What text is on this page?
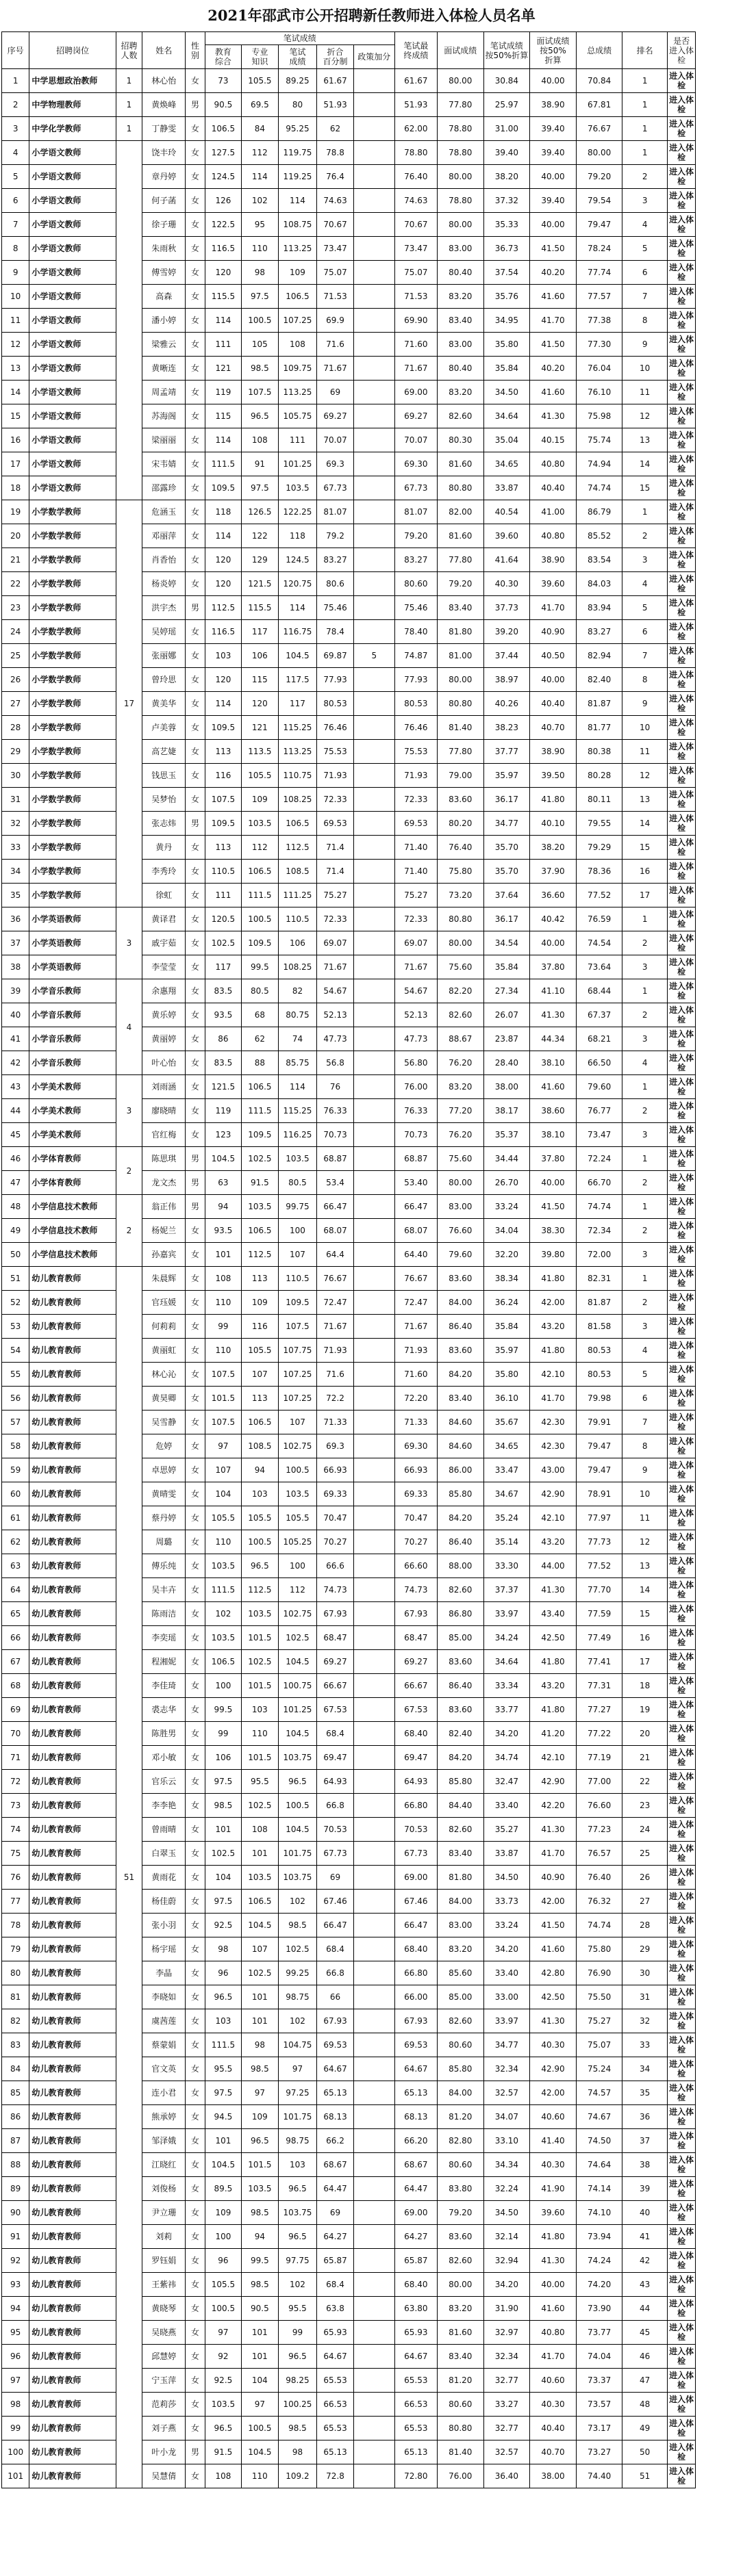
2021年邵武市公开招聘新任教师进入体检人员名单
序号	招聘岗位	招聘
人数	姓名	性
别	笔试成绩					笔试最
终成绩	面试成绩	笔试成绩
按50%折算	面试成绩
按50%
折算	总成绩	排名	是否
进入体检
					教育
综合	专业
知识	笔试
成绩	折合
百分制	政策加分							
1	中学思想政治教师	1	林心怡	女	73	105.5	89.25	61.67		61.67	80.00	30.84	40.00	70.84	1	进入体检
2	中学物理教师	1	黄焕峰	男	90.5	69.5	80	51.93		51.93	77.80	25.97	38.90	67.81	1	进入体检
3	中学化学教师	1	丁静雯	女	106.5	84	95.25	62		62.00	78.80	31.00	39.40	76.67	1	进入体检
4	小学语文教师		饶丰玲	女	127.5	112	119.75	78.8		78.80	78.80	39.40	39.40	80.00	1	进入体检
5	小学语文教师		章丹婷	女	124.5	114	119.25	76.4		76.40	80.00	38.20	40.00	79.20	2	进入体检
6	小学语文教师		何子菡	女	126	102	114	74.63		74.63	78.80	37.32	39.40	79.54	3	进入体检
7	小学语文教师		徐子珊	女	122.5	95	108.75	70.67		70.67	80.00	35.33	40.00	79.47	4	进入体检
8	小学语文教师		朱雨秋	女	116.5	110	113.25	73.47		73.47	83.00	36.73	41.50	78.24	5	进入体检
9	小学语文教师		傅雪婷	女	120	98	109	75.07		75.07	80.40	37.54	40.20	77.74	6	进入体检
10	小学语文教师		高森	女	115.5	97.5	106.5	71.53		71.53	83.20	35.76	41.60	77.57	7	进入体检
11	小学语文教师		潘小婷	女	114	100.5	107.25	69.9		69.90	83.40	34.95	41.70	77.38	8	进入体检
12	小学语文教师		梁雅云	女	111	105	108	71.6		71.60	83.00	35.80	41.50	77.30	9	进入体检
13	小学语文教师		黄晰连	女	121	98.5	109.75	71.67		71.67	80.40	35.84	40.20	76.04	10	进入体检
14	小学语文教师		周孟靖	女	119	107.5	113.25	69		69.00	83.20	34.50	41.60	76.10	11	进入体检
15	小学语文教师		苏海阁	女	115	96.5	105.75	69.27		69.27	82.60	34.64	41.30	75.98	12	进入体检
16	小学语文教师		梁丽丽	女	114	108	111	70.07		70.07	80.30	35.04	40.15	75.74	13	进入体检
17	小学语文教师		宋韦婧	女	111.5	91	101.25	69.3		69.30	81.60	34.65	40.80	74.94	14	进入体检
18	小学语文教师		邵露珍	女	109.5	97.5	103.5	67.73		67.73	80.80	33.87	40.40	74.74	15	进入体检
19	小学数学教师	17	危涵玉	女	118	126.5	122.25	81.07		81.07	82.00	40.54	41.00	86.79	1	进入体检
20	小学数学教师		邓丽萍	女	114	122	118	79.2		79.20	81.60	39.60	40.80	85.52	2	进入体检
21	小学数学教师		肖香怡	女	120	129	124.5	83.27		83.27	77.80	41.64	38.90	83.54	3	进入体检
22	小学数学教师		杨炎婷	女	120	121.5	120.75	80.6		80.60	79.20	40.30	39.60	84.03	4	进入体检
23	小学数学教师		洪宇杰	男	112.5	115.5	114	75.46		75.46	83.40	37.73	41.70	83.94	5	进入体检
24	小学数学教师		吴婷瑶	女	116.5	117	116.75	78.4		78.40	81.80	39.20	40.90	83.27	6	进入体检
25	小学数学教师		张丽娜	女	103	106	104.5	69.87	5	74.87	81.00	37.44	40.50	82.94	7	进入体检
26	小学数学教师		曾玲思	女	120	115	117.5	77.93		77.93	80.00	38.97	40.00	82.40	8	进入体检
27	小学数学教师		黄美华	女	114	120	117	80.53		80.53	80.80	40.26	40.40	81.87	9	进入体检
28	小学数学教师		卢美蓉	女	109.5	121	115.25	76.46		76.46	81.40	38.23	40.70	81.77	10	进入体检
29	小学数学教师		高艺婕	女	113	113.5	113.25	75.53		75.53	77.80	37.77	38.90	80.38	11	进入体检
30	小学数学教师		钱思玉	女	116	105.5	110.75	71.93		71.93	79.00	35.97	39.50	80.28	12	进入体检
31	小学数学教师		吴梦怡	女	107.5	109	108.25	72.33		72.33	83.60	36.17	41.80	80.11	13	进入体检
32	小学数学教师		张志炜	男	109.5	103.5	106.5	69.53		69.53	80.20	34.77	40.10	79.55	14	进入体检
33	小学数学教师		黄丹	女	113	112	112.5	71.4		71.40	76.40	35.70	38.20	79.29	15	进入体检
34	小学数学教师		李秀玲	女	110.5	106.5	108.5	71.4		71.40	75.80	35.70	37.90	78.36	16	进入体检
35	小学数学教师		徐虹	女	111	111.5	111.25	75.27		75.27	73.20	37.64	36.60	77.52	17	进入体检
36	小学英语教师	3	黄译君	女	120.5	100.5	110.5	72.33		72.33	80.80	36.17	40.42	76.59	1	进入体检
37	小学英语教师		戚宇茹	女	102.5	109.5	106	69.07		69.07	80.00	34.54	40.00	74.54	2	进入体检
38	小学英语教师		李莹莹	女	117	99.5	108.25	71.67		71.67	75.60	35.84	37.80	73.64	3	进入体检
39	小学音乐教师	4	余惠翔	女	83.5	80.5	82	54.67		54.67	82.20	27.34	41.10	68.44	1	进入体检
40	小学音乐教师		黄乐婷	女	93.5	68	80.75	52.13		52.13	82.60	26.07	41.30	67.37	2	进入体检
41	小学音乐教师		黄丽婷	女	86	62	74	47.73		47.73	88.67	23.87	44.34	68.21	3	进入体检
42	小学音乐教师		叶心怡	女	83.5	88	85.75	56.8		56.80	76.20	28.40	38.10	66.50	4	进入体检
43	小学美术教师	3	刘雨涵	女	121.5	106.5	114	76		76.00	83.20	38.00	41.60	79.60	1	进入体检
44	小学美术教师		廖晓晴	女	119	111.5	115.25	76.33		76.33	77.20	38.17	38.60	76.77	2	进入体检
45	小学美术教师		官红梅	女	123	109.5	116.25	70.73		70.73	76.20	35.37	38.10	73.47	3	进入体检
46	小学体育教师	2	陈思琪	男	104.5	102.5	103.5	68.87		68.87	75.60	34.44	37.80	72.24	1	进入体检
47	小学体育教师		龙文杰	男	63	91.5	80.5	53.4		53.40	80.00	26.70	40.00	66.70	2	进入体检
48	小学信息技术教师	2	翁正伟	男	94	103.5	99.75	66.47		66.47	83.00	33.24	41.50	74.74	1	进入体检
49	小学信息技术教师		杨妮兰	女	93.5	106.5	100	68.07		68.07	76.60	34.04	38.30	72.34	2	进入体检
50	小学信息技术教师		孙嘉宾	女	101	112.5	107	64.4		64.40	79.60	32.20	39.80	72.00	3	进入体检
51	幼儿教育教师	51	朱晨辉	女	108	113	110.5	76.67		76.67	83.60	38.34	41.80	82.31	1	进入体检
52	幼儿教育教师		官珏媛	女	110	109	109.5	72.47		72.47	84.00	36.24	42.00	81.87	2	进入体检
53	幼儿教育教师		何莉莉	女	99	116	107.5	71.67		71.67	86.40	35.84	43.20	81.58	3	进入体检
54	幼儿教育教师		黄丽虹	女	110	105.5	107.75	71.93		71.93	83.60	35.97	41.80	80.53	4	进入体检
55	幼儿教育教师		林心沁	女	107.5	107	107.25	71.6		71.60	84.20	35.80	42.10	80.53	5	进入体检
56	幼儿教育教师		黄昊卿	女	101.5	113	107.25	72.2		72.20	83.40	36.10	41.70	79.98	6	进入体检
57	幼儿教育教师		吴雪静	女	107.5	106.5	107	71.33		71.33	84.60	35.67	42.30	79.91	7	进入体检
58	幼儿教育教师		危婷	女	97	108.5	102.75	69.3		69.30	84.60	34.65	42.30	79.47	8	进入体检
59	幼儿教育教师		卓思婷	女	107	94	100.5	66.93		66.93	86.00	33.47	43.00	79.47	9	进入体检
60	幼儿教育教师		黄晴雯	女	104	103	103.5	69.33		69.33	85.80	34.67	42.90	78.91	10	进入体检
61	幼儿教育教师		蔡丹婷	女	105.5	105.5	105.5	70.47		70.47	84.20	35.24	42.10	77.97	11	进入体检
62	幼儿教育教师		周璐	女	110	100.5	105.25	70.27		70.27	86.40	35.14	43.20	77.73	12	进入体检
63	幼儿教育教师		傅乐纯	女	103.5	96.5	100	66.6		66.60	88.00	33.30	44.00	77.52	13	进入体检
64	幼儿教育教师		吴丰卉	女	111.5	112.5	112	74.73		74.73	82.60	37.37	41.30	77.70	14	进入体检
65	幼儿教育教师		陈雨洁	女	102	103.5	102.75	67.93		67.93	86.80	33.97	43.40	77.59	15	进入体检
66	幼儿教育教师		李奕瑶	女	103.5	101.5	102.5	68.47		68.47	85.00	34.24	42.50	77.49	16	进入体检
67	幼儿教育教师		程湘妮	女	106.5	102.5	104.5	69.27		69.27	83.60	34.64	41.80	77.41	17	进入体检
68	幼儿教育教师		李佳琦	女	100	101.5	100.75	66.67		66.67	86.40	33.34	43.20	77.31	18	进入体检
69	幼儿教育教师		裘志华	女	99.5	103	101.25	67.53		67.53	83.60	33.77	41.80	77.27	19	进入体检
70	幼儿教育教师		陈胜男	女	99	110	104.5	68.4		68.40	82.40	34.20	41.20	77.22	20	进入体检
71	幼儿教育教师		邓小敏	女	106	101.5	103.75	69.47		69.47	84.20	34.74	42.10	77.19	21	进入体检
72	幼儿教育教师		官乐云	女	97.5	95.5	96.5	64.93		64.93	85.80	32.47	42.90	77.00	22	进入体检
73	幼儿教育教师		李李艳	女	98.5	102.5	100.5	66.8		66.80	84.40	33.40	42.20	76.60	23	进入体检
74	幼儿教育教师		曾雨晴	女	101	108	104.5	70.53		70.53	82.60	35.27	41.30	77.23	24	进入体检
75	幼儿教育教师		白翠玉	女	102.5	101	101.75	67.73		67.73	83.40	33.87	41.70	76.57	25	进入体检
76	幼儿教育教师		黄雨花	女	104	103.5	103.75	69		69.00	81.80	34.50	40.90	76.40	26	进入体检
77	幼儿教育教师		杨佳蔚	女	97.5	106.5	102	67.46		67.46	84.00	33.73	42.00	76.32	27	进入体检
78	幼儿教育教师		张小羽	女	92.5	104.5	98.5	66.47		66.47	83.00	33.24	41.50	74.74	28	进入体检
79	幼儿教育教师		杨宇瑶	女	98	107	102.5	68.4		68.40	83.20	34.20	41.60	75.80	29	进入体检
80	幼儿教育教师		李晶	女	96	102.5	99.25	66.8		66.80	85.60	33.40	42.80	76.90	30	进入体检
81	幼儿教育教师		李晓如	女	96.5	101	98.75	66		66.00	85.00	33.00	42.50	75.50	31	进入体检
82	幼儿教育教师		虞茜莲	女	103	101	102	67.93		67.93	82.60	33.97	41.30	75.27	32	进入体检
83	幼儿教育教师		蔡蒙娟	女	111.5	98	104.75	69.53		69.53	80.60	34.77	40.30	75.07	33	进入体检
84	幼儿教育教师		官文英	女	95.5	98.5	97	64.67		64.67	85.80	32.34	42.90	75.24	34	进入体检
85	幼儿教育教师		连小君	女	97.5	97	97.25	65.13		65.13	84.00	32.57	42.00	74.57	35	进入体检
86	幼儿教育教师		熊承婷	女	94.5	109	101.75	68.13		68.13	81.20	34.07	40.60	74.67	36	进入体检
87	幼儿教育教师		邹泽娥	女	101	96.5	98.75	66.2		66.20	82.80	33.10	41.40	74.50	37	进入体检
88	幼儿教育教师		江晓红	女	104.5	101.5	103	68.67		68.67	80.60	34.34	40.30	74.64	38	进入体检
89	幼儿教育教师		刘俊杨	女	89.5	103.5	96.5	64.47		64.47	83.80	32.24	41.90	74.14	39	进入体检
90	幼儿教育教师		尹立珊	女	109	98.5	103.75	69		69.00	79.20	34.50	39.60	74.10	40	进入体检
91	幼儿教育教师		刘莉	女	100	94	96.5	64.27		64.27	83.60	32.14	41.80	73.94	41	进入体检
92	幼儿教育教师		罗钰娟	女	96	99.5	97.75	65.87		65.87	82.60	32.94	41.30	74.24	42	进入体检
93	幼儿教育教师		王紫祎	女	105.5	98.5	102	68.4		68.40	80.00	34.20	40.00	74.20	43	进入体检
94	幼儿教育教师		黄晓琴	女	100.5	90.5	95.5	63.8		63.80	83.20	31.90	41.60	73.90	44	进入体检
95	幼儿教育教师		吴晓燕	女	97	101	99	65.93		65.93	81.60	32.97	40.80	73.77	45	进入体检
96	幼儿教育教师		邱慧婷	女	92	101	96.5	64.67		64.67	83.40	32.34	41.70	74.04	46	进入体检
97	幼儿教育教师		宁玉萍	女	92.5	104	98.25	65.53		65.53	81.20	32.77	40.60	73.37	47	进入体检
98	幼儿教育教师		范莉莎	女	103.5	97	100.25	66.53		66.53	80.60	33.27	40.30	73.57	48	进入体检
99	幼儿教育教师		刘子燕	女	96.5	100.5	98.5	65.53		65.53	80.80	32.77	40.40	73.17	49	进入体检
100	幼儿教育教师		叶小龙	男	91.5	104.5	98	65.13		65.13	81.40	32.57	40.70	73.27	50	进入体检
101	幼儿教育教师		吴慧倩	女	108	110	109.2	72.8		72.80	76.00	36.40	38.00	74.40	51	进入体检
